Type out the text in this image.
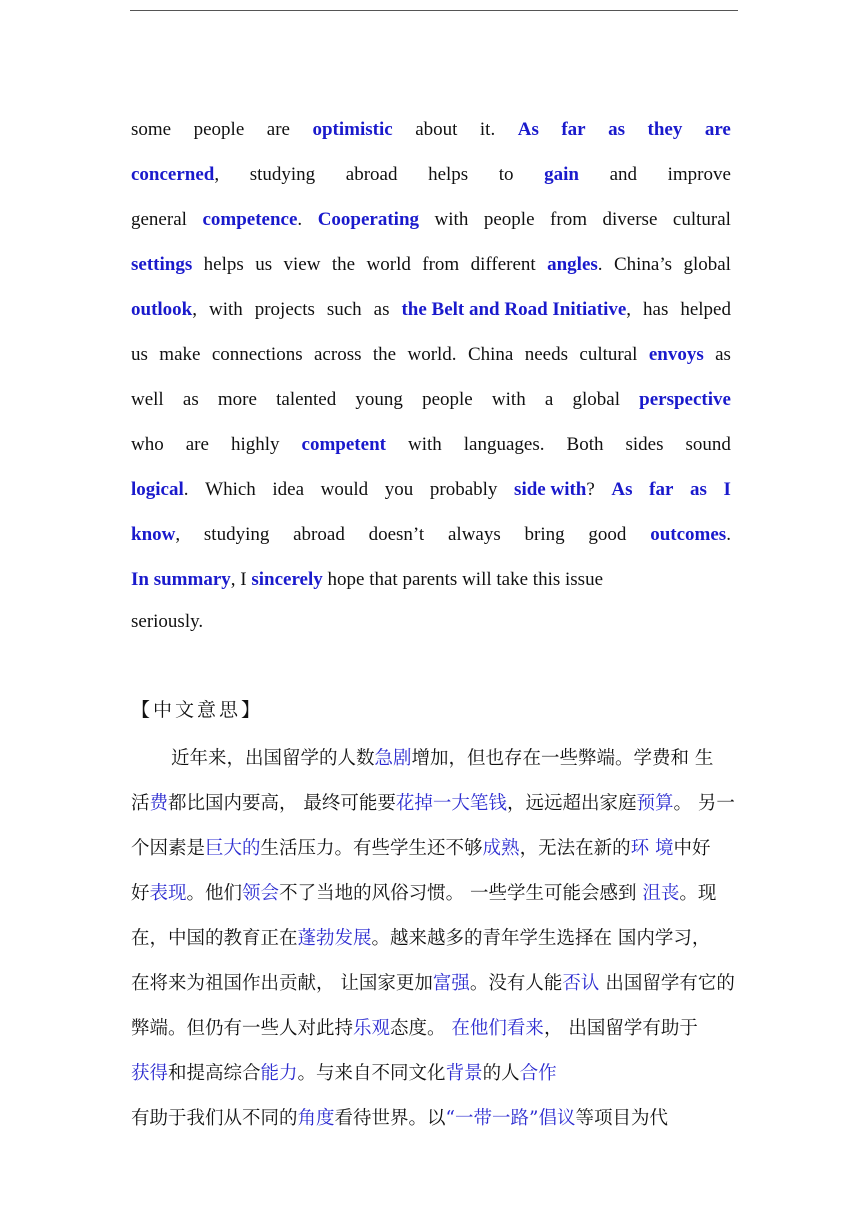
some people are optimistic about it. As far as they are
concerned, studying abroad helps to gain and improve
general competence. Cooperating with people from diverse cultural
settings helps us view the world from different angles. China’s global
outlook, with projects such as the Belt and Road Initiative, has helped
us make connections across the world. China needs cultural envoys as
well as more talented young people with a global perspective
who are highly competent with languages. Both sides sound
logical. Which idea would you probably side with? As far as I
know, studying abroad doesn’t always bring good outcomes.
In summary,
I
sincerely
hope
that
parents
will
take
this
issue
seriously.
【中文意思】
近年来，出国留学的人数急剧增加，但也存在一些弊端。学费和 生
活费都比国内要高， 最终可能要花掉一大笔钱，远远超出家庭预算。 另一
个因素是巨大的生活压力。有些学生还不够成熟，无法在新的环 境中好
好表现。他们领会不了当地的风俗习惯。 一些学生可能会感到 沮丧。现
在，中国的教育正在蓬勃发展。越来越多的青年学生选择在 国内学习，
在将来为祖国作出贡献， 让国家更加富强。没有人能否认 出国留学有它的
弊端。但仍有一些人对此持乐观态度。 在他们看来， 出国留学有助于
获得和提高综合能力。与来自不同文化背景的人合作
有助于我们从不同的角度看待世界。以“一带一路”倡议等项目为代
